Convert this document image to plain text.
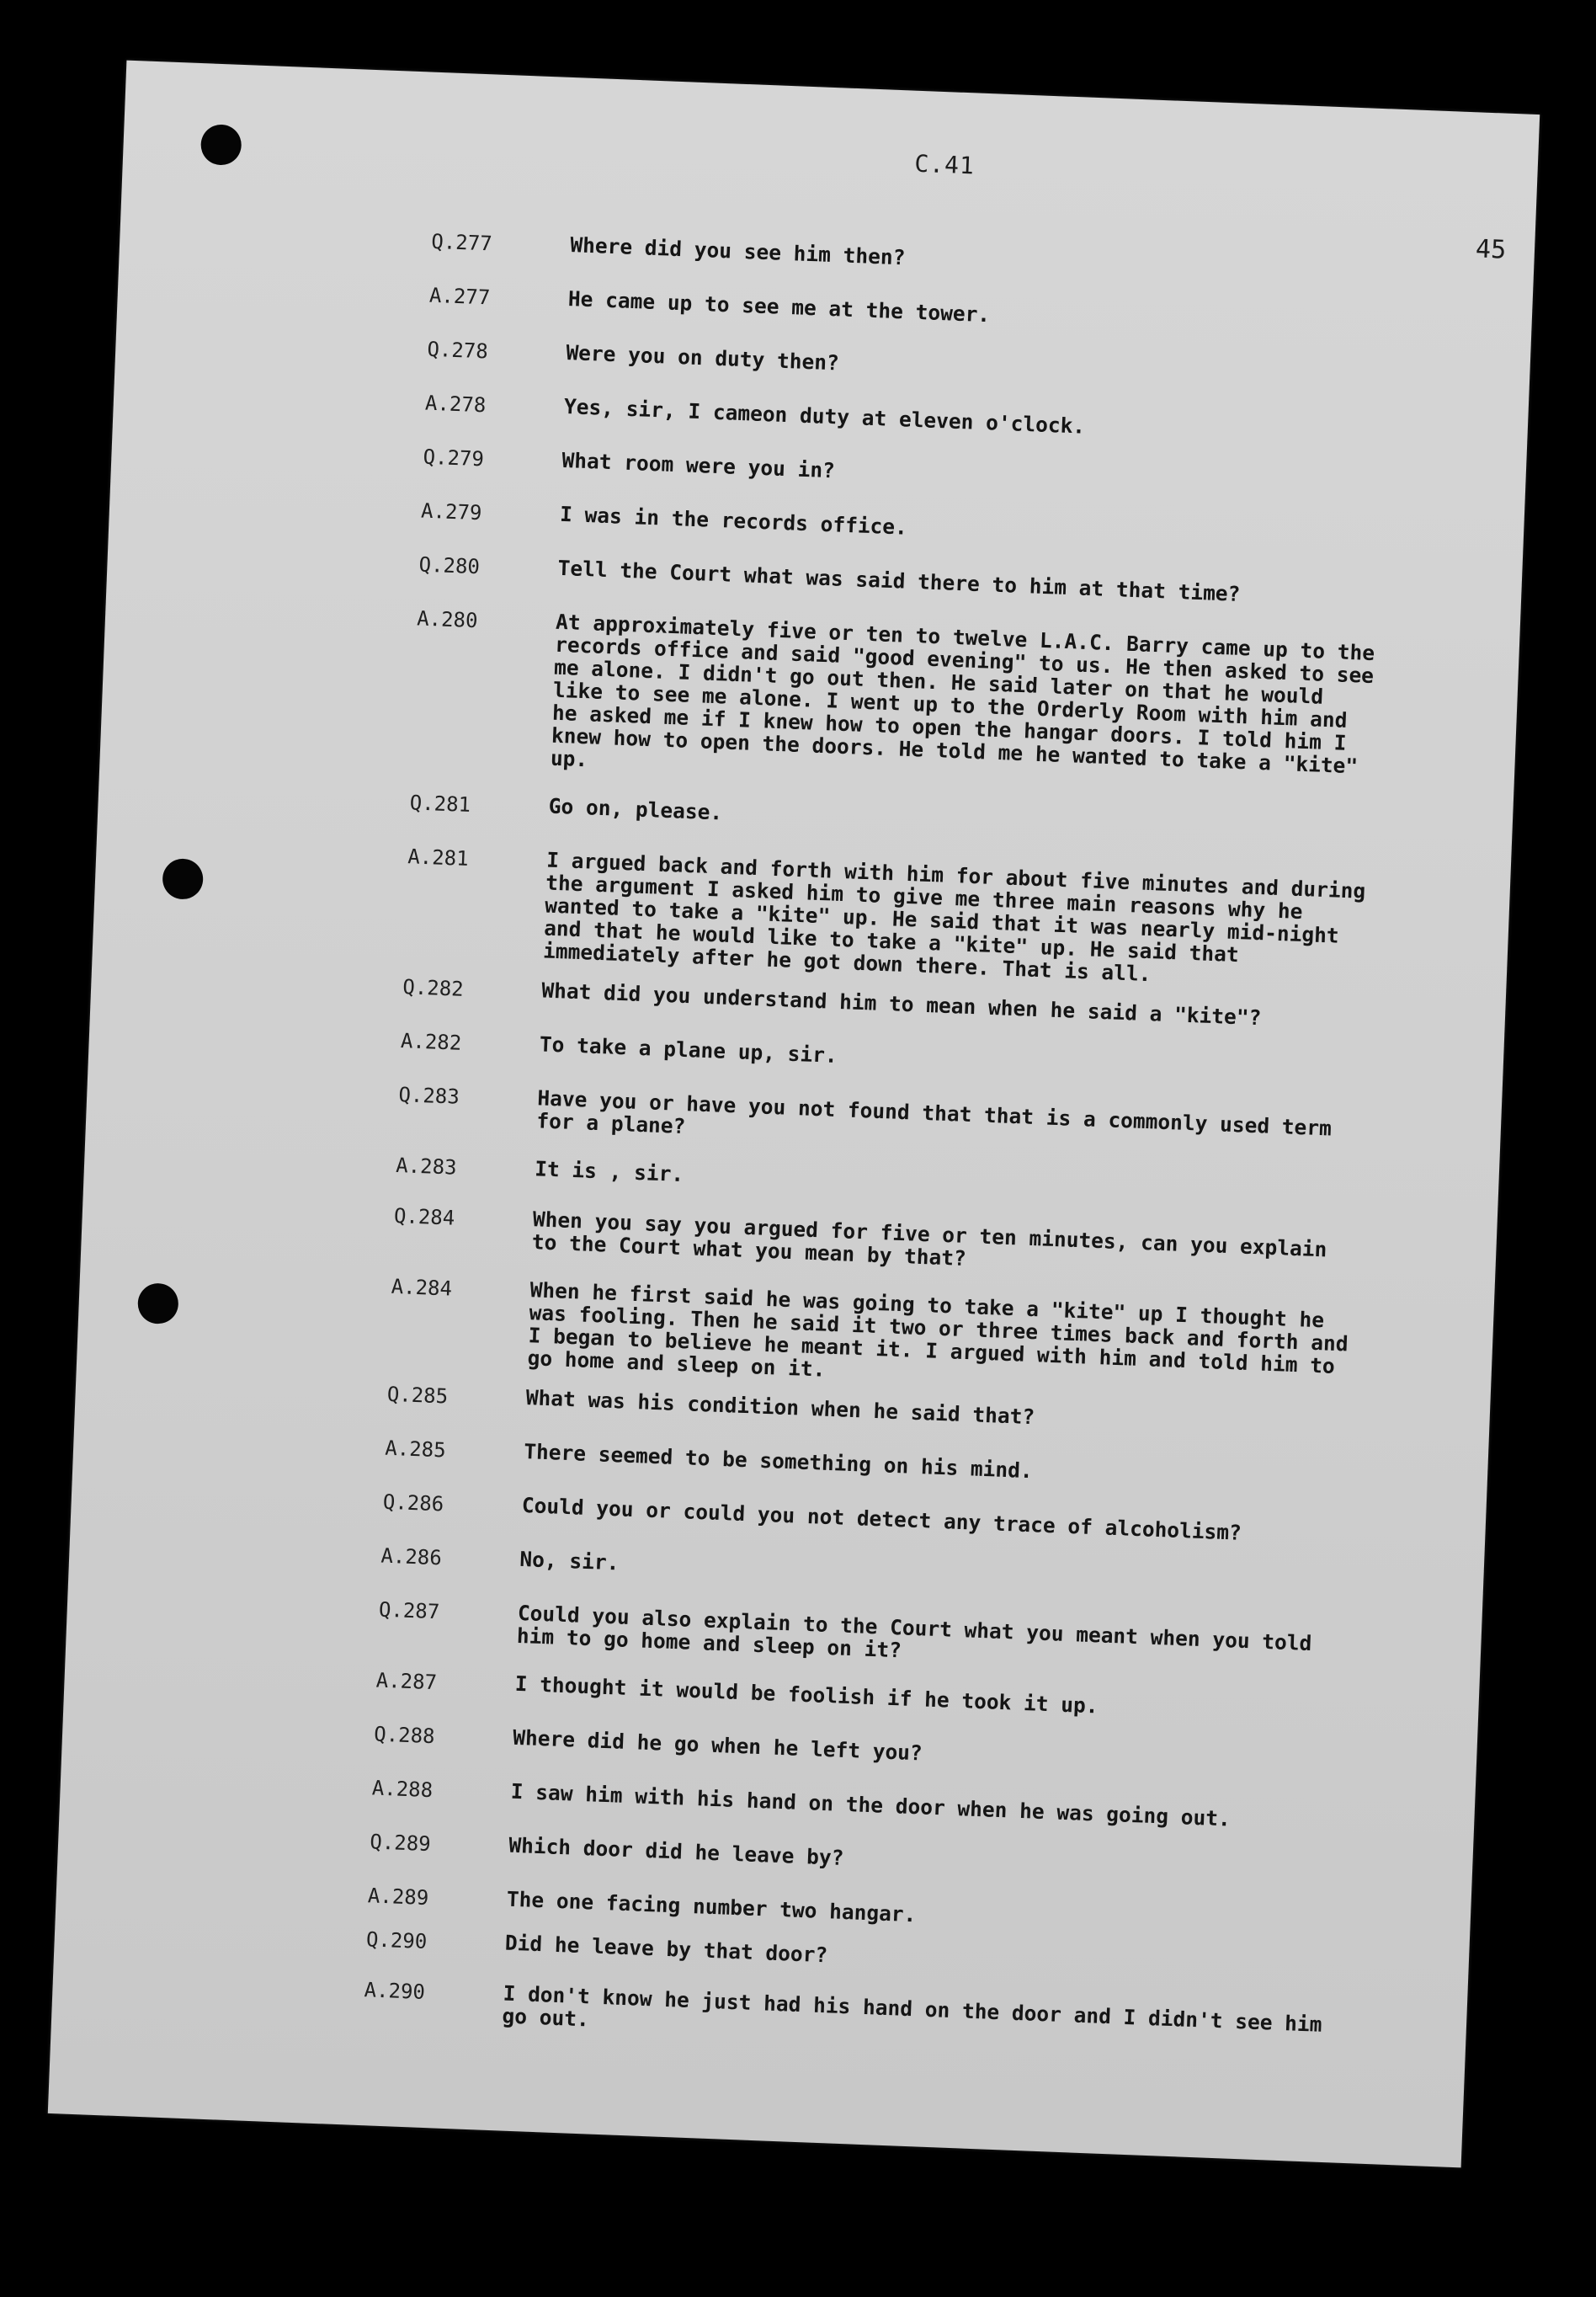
C.41
45
Q.277	Where did you see him then?
A.277	He came up to see me at the tower.
Q.278	Were you on duty then?
A.278	Yes, sir, I cameon duty at eleven o'clock.
Q.279	What room were you in?
A.279	I was in the records office.
Q.280	Tell the Court what was said there to him at that time?
A.280	At approximately five or ten to twelve L.A.C. Barry came up to the records office and said "good evening" to us. He then asked to see me alone. I didn't go out then. He said later on that he would like to see me alone. I went up to the Orderly Room with him and he asked me if I knew how to open the hangar doors. I told him I knew how to open the doors. He told me he wanted to take a "kite" up.
Q.281	Go on, please.
A.281	I argued back and forth with him for about five minutes and during the argument I asked him to give me three main reasons why he wanted to take a "kite" up. He said that it was nearly mid-night and that he would like to take a "kite" up. He said that immediately after he got down there. That is all.
Q.282	What did you understand him to mean when he said a "kite"?
A.282	To take a plane up, sir.
Q.283	Have you or have you not found that that is a commonly used term for a plane?
A.283	It is , sir.
Q.284	When you say you argued for five or ten minutes, can you explain to the Court what you mean by that?
A.284	When he first said he was going to take a "kite" up I thought he was fooling. Then he said it two or three times back and forth and I began to believe he meant it. I argued with him and told him to go home and sleep on it.
Q.285	What was his condition when he said that?
A.285	There seemed to be something on his mind.
Q.286	Could you or could you not detect any trace of alcoholism?
A.286	No, sir.
Q.287	Could you also explain to the Court what you meant when you told him to go home and sleep on it?
A.287	I thought it would be foolish if he took it up.
Q.288	Where did he go when he left you?
A.288	I saw him with his hand on the door when he was going out.
Q.289	Which door did he leave by?
A.289	The one facing number two hangar.
Q.290	Did he leave by that door?
A.290	I don't know he just had his hand on the door and I didn't see him go out.
